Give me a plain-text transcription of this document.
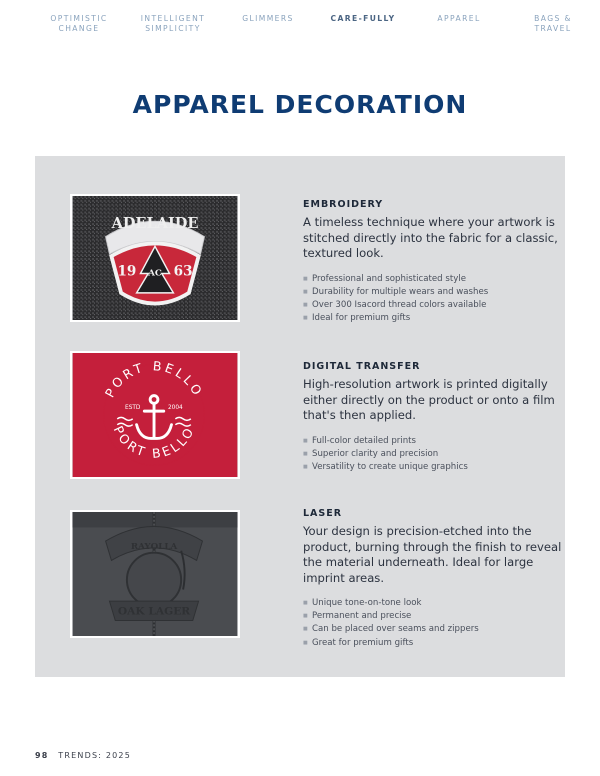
OPTIMISTIC
CHANGE
INTELLIGENT
SIMPLICITY
GLIMMERS	CARE-FULLY	APPAREL	BAGS &
TRAVEL
APPAREL DECORATION
ADELAIDE
19	63
AC
EMBROIDERY

A timeless technique where your artwork is stitched directly into the fabric for a classic, textured look.

■ Professional and sophisticated style
■ Durability for multiple wears and washes
■ Over 300 Isacord thread colors available
■ Ideal for premium gifts
PORT BELLO
PORT BELLO
ESTD	2004
DIGITAL TRANSFER

High-resolution artwork is printed digitally either directly on the product or onto a film that's then applied.

■ Full-color detailed prints
■ Superior clarity and precision
■ Versatility to create unique graphics
RAYOLLA
OAK LAGER
LASER

Your design is precision-etched into the product, burning through the finish to reveal the material underneath. Ideal for large imprint areas.

■ Unique tone-on-tone look
■ Permanent and precise
■ Can be placed over seams and zippers
■ Great for premium gifts
98 TRENDS: 2025
